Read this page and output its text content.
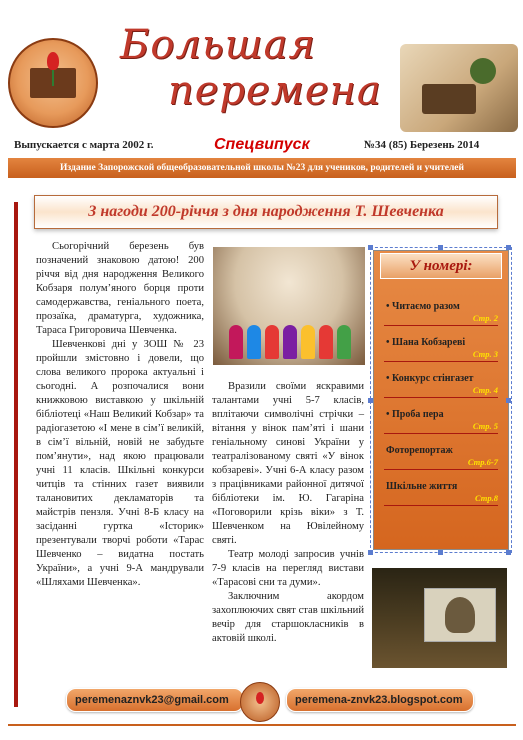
Большая
перемена
Выпускается с марта 2002 г.	Спецвипуск	№34 (85) Березень 2014
Издание Запорожской общеобразовательной школы №23 для учеников, родителей и учителей
З нагоди 200-річчя з дня народження Т. Шевченка

Сьогорічний березень був позначений знаковою датою! 200 річчя від дня народження Великого Кобзаря полум’яного борця проти самодержавства, геніального поета, прозаїка, драматурга, художника, Тараса Григоровича Шевченка.

Шевченкові дні у ЗОШ № 23 пройшли змістовно і довели, що слова великого пророка актуальні і сьогодні. А розпочалися вони книжковою виставкою у шкільній бібліотеці «Наш Великий Кобзар» та радіогазетою «І мене в сім’ї великій, в сім’ї вільній, новій не забудьте пом’янути», над якою працювали учні 11 класів. Шкільні конкурси читців та стінних газет виявили талановитих декламаторів та майстрів пензля. Учні 8-Б класу на засіданні гуртка «Історик» презентували творчі роботи «Тарас Шевченко – видатна постать України», а учні 9-А мандрували «Шляхами Шевченка».

Вразили своїми яскравими талантами учні 5-7 класів, вплітаючи символічні стрічки – вітання у вінок пам’яті і шани геніальному синові України у театралізованому святі «У вінок кобзареві». Учні 6-А класу разом з працівниками районної дитячої бібліотеки ім. Ю. Гагаріна «Поговорили крізь віки» з Т. Шевченком на Ювілейному святі.

Театр молоді запросив учнів 7-9 класів на перегляд вистави «Тарасові сни та думи».

Заключним акордом захоплюючих свят став шкільний вечір для старшокласників в актовій школі.

У номері:
• Читаємо разом
Стр. 2
• Шана Кобзареві
Стр. 3
• Конкурс стінгазет
Стр. 4
• Проба пера
Стр. 5
Фоторепортаж
Стр.6-7
Шкільне життя
Стр.8
peremenaznvk23@gmail.com	peremena-znvk23.blogspot.com
